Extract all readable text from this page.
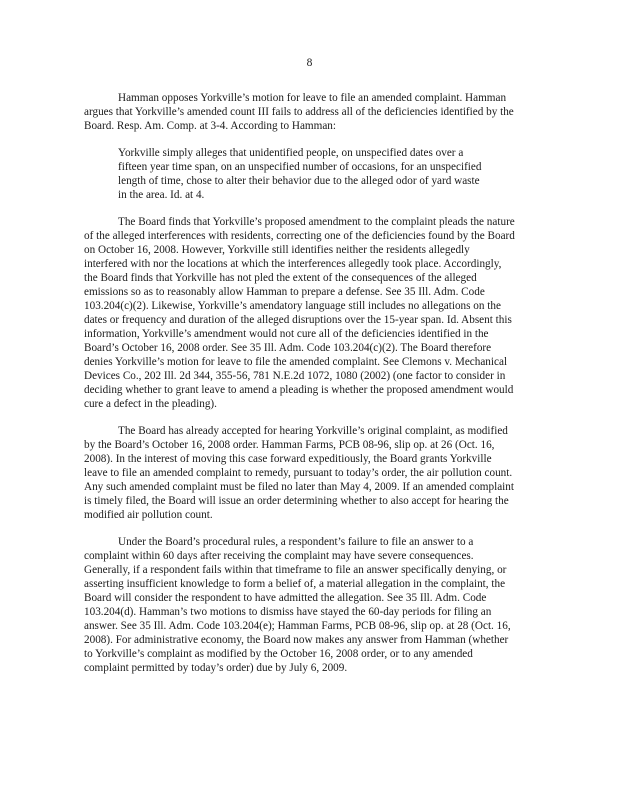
8
Hamman opposes Yorkville’s motion for leave to file an amended complaint. Hamman
argues that Yorkville’s amended count III fails to address all of the deficiencies identified by the
Board. Resp. Am. Comp. at 3-4. According to Hamman:
Yorkville simply alleges that unidentified people, on unspecified dates over a
fifteen year time span, on an unspecified number of occasions, for an unspecified
length of time, chose to alter their behavior due to the alleged odor of yard waste
in the area. Id. at 4.
The Board finds that Yorkville’s proposed amendment to the complaint pleads the nature
of the alleged interferences with residents, correcting one of the deficiencies found by the Board
on October 16, 2008. However, Yorkville still identifies neither the residents allegedly
interfered with nor the locations at which the interferences allegedly took place. Accordingly,
the Board finds that Yorkville has not pled the extent of the consequences of the alleged
emissions so as to reasonably allow Hamman to prepare a defense. See 35 Ill. Adm. Code
103.204(c)(2). Likewise, Yorkville’s amendatory language still includes no allegations on the
dates or frequency and duration of the alleged disruptions over the 15-year span. Id. Absent this
information, Yorkville’s amendment would not cure all of the deficiencies identified in the
Board’s October 16, 2008 order. See 35 Ill. Adm. Code 103.204(c)(2). The Board therefore
denies Yorkville’s motion for leave to file the amended complaint. See Clemons v. Mechanical
Devices Co., 202 Ill. 2d 344, 355-56, 781 N.E.2d 1072, 1080 (2002) (one factor to consider in
deciding whether to grant leave to amend a pleading is whether the proposed amendment would
cure a defect in the pleading).
The Board has already accepted for hearing Yorkville’s original complaint, as modified
by the Board’s October 16, 2008 order. Hamman Farms, PCB 08-96, slip op. at 26 (Oct. 16,
2008). In the interest of moving this case forward expeditiously, the Board grants Yorkville
leave to file an amended complaint to remedy, pursuant to today’s order, the air pollution count.
Any such amended complaint must be filed no later than May 4, 2009. If an amended complaint
is timely filed, the Board will issue an order determining whether to also accept for hearing the
modified air pollution count.
Under the Board’s procedural rules, a respondent’s failure to file an answer to a
complaint within 60 days after receiving the complaint may have severe consequences.
Generally, if a respondent fails within that timeframe to file an answer specifically denying, or
asserting insufficient knowledge to form a belief of, a material allegation in the complaint, the
Board will consider the respondent to have admitted the allegation. See 35 Ill. Adm. Code
103.204(d). Hamman’s two motions to dismiss have stayed the 60-day periods for filing an
answer. See 35 Ill. Adm. Code 103.204(e); Hamman Farms, PCB 08-96, slip op. at 28 (Oct. 16,
2008). For administrative economy, the Board now makes any answer from Hamman (whether
to Yorkville’s complaint as modified by the October 16, 2008 order, or to any amended
complaint permitted by today’s order) due by July 6, 2009.
